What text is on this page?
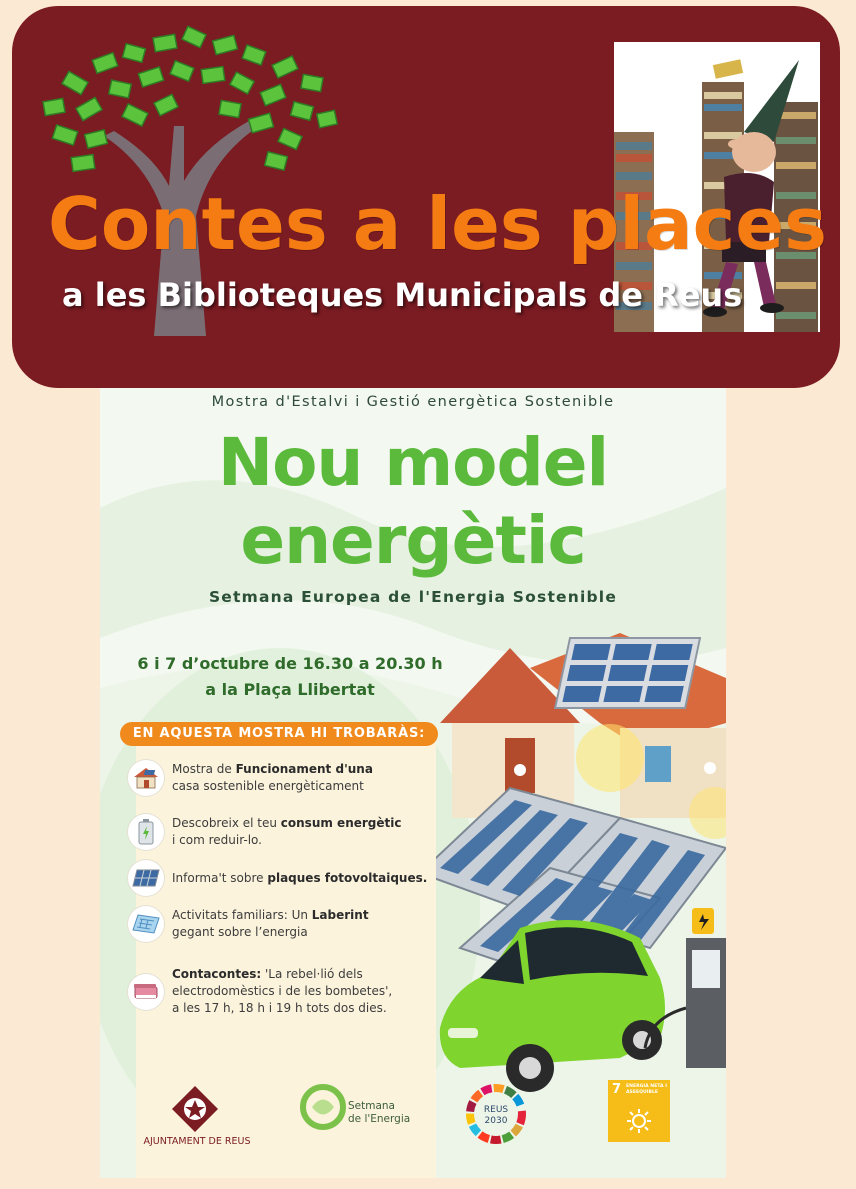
Contes a les places
a les Biblioteques Municipals de Reus
Mostra d'Estalvi i Gestió energètica Sostenible
Nou model
energètic
Setmana Europea de l'Energia Sostenible
6 i 7 d’octubre de 16.30 a 20.30 h
a la Plaça Llibertat
EN AQUESTA MOSTRA HI TROBARÀS:
Mostra de Funcionament d'una
casa sostenible energèticament
Descobreix el teu consum energètic
i com reduir-lo.
Informa't sobre plaques fotovoltaiques.
Activitats familiars: Un Laberint
gegant sobre l’energia
Contacontes: 'La rebel·lió dels
electrodomèstics i de les bombetes',
a les 17 h, 18 h i 19 h tots dos dies.
AJUNTAMENT DE REUS
Setmana
de l'Energia
REUS
2030
7 ENERGIA NETA I ASSEQUIBLE
